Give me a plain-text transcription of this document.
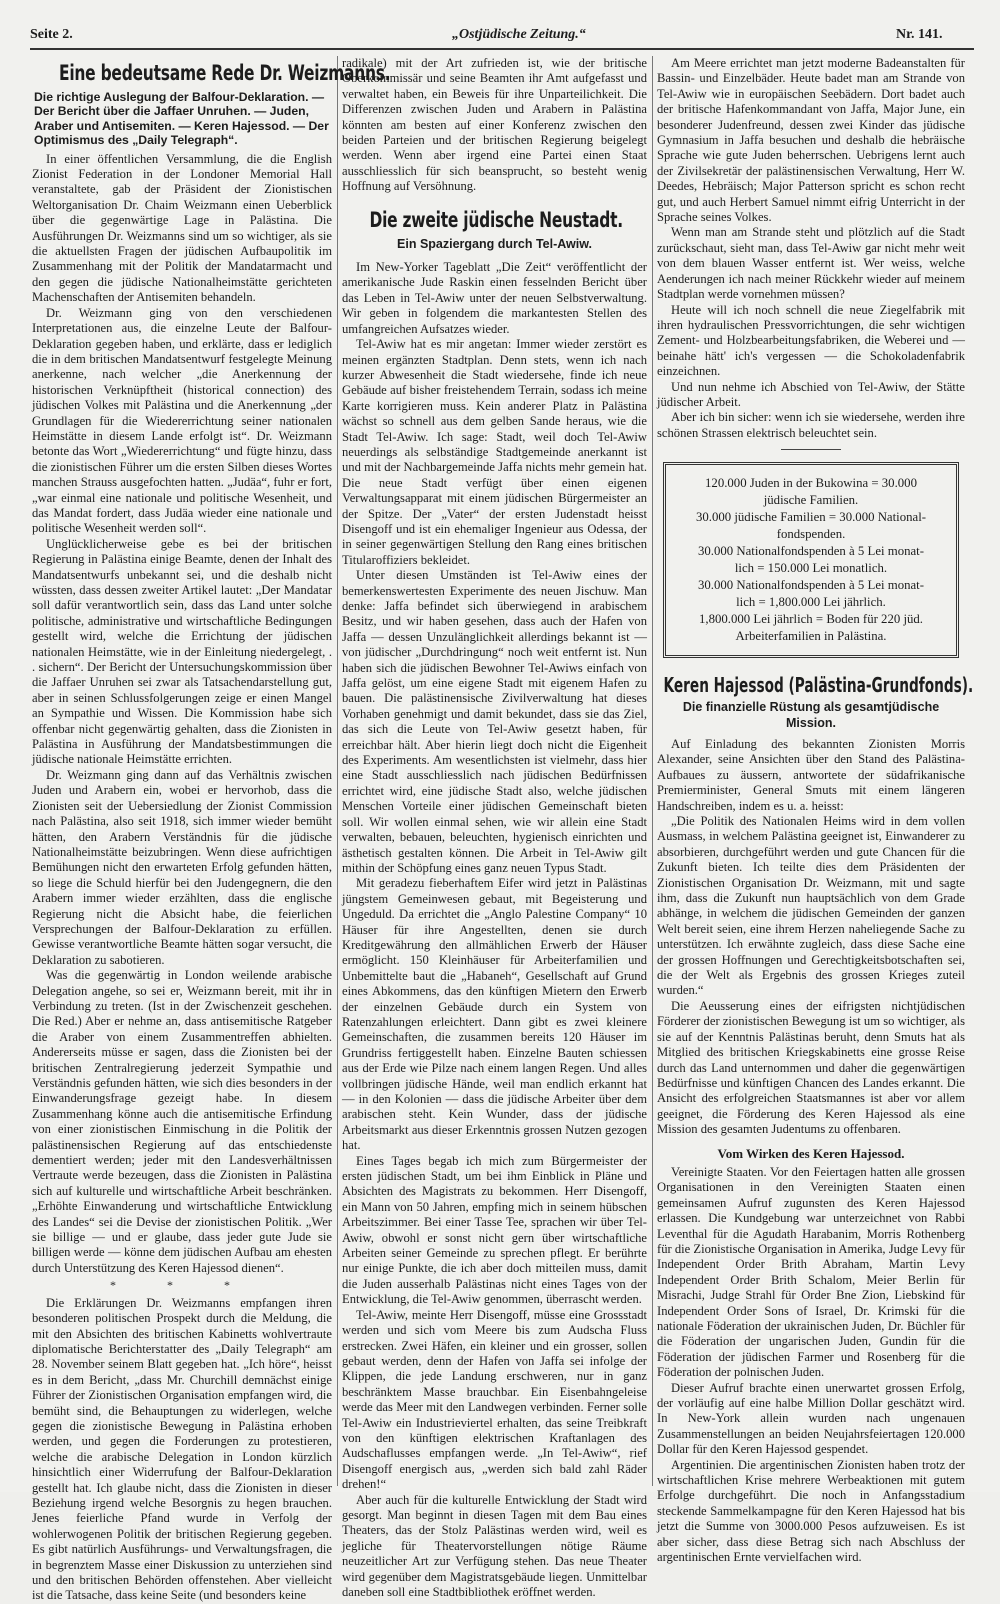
Seite 2.	„Ostjüdische Zeitung.“	Nr. 141.
Eine bedeutsame Rede Dr. Weizmanns.

Die richtige Auslegung der Balfour-Deklaration. — Der Bericht über die Jaffaer Unruhen. — Juden, Araber und Antisemiten. — Keren Hajessod. — Der Optimismus des „Daily Telegraph“.

In einer öffentlichen Versammlung, die die English Zionist Federation in der Londoner Memorial Hall veranstaltete, gab der Präsident der Zionistischen Weltorganisation Dr. Chaim Weizmann einen Ueberblick über die gegenwärtige Lage in Palästina. Die Ausführungen Dr. Weizmanns sind um so wichtiger, als sie die aktuellsten Fragen der jüdischen Aufbaupolitik im Zusammenhang mit der Politik der Mandatarmacht und den gegen die jüdische Nationalheimstätte gerichteten Machenschaften der Antisemiten behandeln.

Dr. Weizmann ging von den verschiedenen Interpretationen aus, die einzelne Leute der Balfour-Deklaration gegeben haben, und erklärte, dass er lediglich die in dem britischen Mandatsentwurf festgelegte Meinung anerkenne, nach welcher „die Anerkennung der historischen Verknüpftheit (historical connection) des jüdischen Volkes mit Palästina und die Anerkennung „der Grundlagen für die Wiedererrichtung seiner nationalen Heimstätte in diesem Lande erfolgt ist“. Dr. Weizmann betonte das Wort „Wiedererrichtung“ und fügte hinzu, dass die zionistischen Führer um die ersten Silben dieses Wortes manchen Strauss ausgefochten hatten. „Judäa“, fuhr er fort, „war einmal eine nationale und politische Wesenheit, und das Mandat fordert, dass Judäa wieder eine nationale und politische Wesenheit werden soll“.

Unglücklicherweise gebe es bei der britischen Regierung in Palästina einige Beamte, denen der Inhalt des Mandatsentwurfs unbekannt sei, und die deshalb nicht wüssten, dass dessen zweiter Artikel lautet: „Der Mandatar soll dafür verantwortlich sein, dass das Land unter solche politische, administrative und wirtschaftliche Bedingungen gestellt wird, welche die Errichtung der jüdischen nationalen Heimstätte, wie in der Einleitung niedergelegt, . . sichern“. Der Bericht der Untersuchungskommission über die Jaffaer Unruhen sei zwar als Tatsachendarstellung gut, aber in seinen Schlussfolgerungen zeige er einen Mangel an Sympathie und Wissen. Die Kommission habe sich offenbar nicht gegenwärtig gehalten, dass die Zionisten in Palästina in Ausführung der Mandatsbestimmungen die jüdische nationale Heimstätte errichten.

Dr. Weizmann ging dann auf das Verhältnis zwischen Juden und Arabern ein, wobei er hervorhob, dass die Zionisten seit der Uebersiedlung der Zionist Commission nach Palästina, also seit 1918, sich immer wieder bemüht hätten, den Arabern Verständnis für die jüdische Nationalheimstätte beizubringen. Wenn diese aufrichtigen Bemühungen nicht den erwarteten Erfolg gefunden hätten, so liege die Schuld hierfür bei den Judengegnern, die den Arabern immer wieder erzählten, dass die englische Regierung nicht die Absicht habe, die feierlichen Versprechungen der Balfour-Deklaration zu erfüllen. Gewisse verantwortliche Beamte hätten sogar versucht, die Deklaration zu sabotieren.

Was die gegenwärtig in London weilende arabische Delegation angehe, so sei er, Weizmann bereit, mit ihr in Verbindung zu treten. (Ist in der Zwischenzeit geschehen. Die Red.) Aber er nehme an, dass antisemitische Ratgeber die Araber von einem Zusammentreffen abhielten. Andererseits müsse er sagen, dass die Zionisten bei der britischen Zentralregierung jederzeit Sympathie und Verständnis gefunden hätten, wie sich dies besonders in der Einwanderungsfrage gezeigt habe. In diesem Zusammenhang könne auch die antisemitische Erfindung von einer zionistischen Einmischung in die Politik der palästinensischen Regierung auf das entschiedenste dementiert werden; jeder mit den Landesverhältnissen Vertraute werde bezeugen, dass die Zionisten in Palästina sich auf kulturelle und wirtschaftliche Arbeit beschränken. „Erhöhte Einwanderung und wirtschaftliche Entwicklung des Landes“ sei die Devise der zionistischen Politik. „Wer sie billige — und er glaube, dass jeder gute Jude sie billigen werde — könne dem jüdischen Aufbau am ehesten durch Unterstützung des Keren Hajessod dienen“.

* * *

Die Erklärungen Dr. Weizmanns empfangen ihren besonderen politischen Prospekt durch die Meldung, die mit den Absichten des britischen Kabinetts wohlvertraute diplomatische Berichterstatter des „Daily Telegraph“ am 28. November seinem Blatt gegeben hat. „Ich höre“, heisst es in dem Bericht, „dass Mr. Churchill demnächst einige Führer der Zionistischen Organisation empfangen wird, die bemüht sind, die Behauptungen zu widerlegen, welche gegen die zionistische Bewegung in Palästina erhoben werden, und gegen die Forderungen zu protestieren, welche die arabische Delegation in London kürzlich hinsichtlich einer Widerrufung der Balfour-Deklaration gestellt hat. Ich glaube nicht, dass die Zionisten in dieser Beziehung irgend welche Besorgnis zu hegen brauchen. Jenes feierliche Pfand wurde in Verfolg der wohlerwogenen Politik der britischen Regierung gegeben. Es gibt natürlich Ausführungs- und Verwaltungsfragen, die in begrenztem Masse einer Diskussion zu unterziehen sind und den britischen Behörden offenstehen. Aber vielleicht ist die Tatsache, dass keine Seite (und besonders keine

radikale) mit der Art zufrieden ist, wie der britische Oberkommissär und seine Beamten ihr Amt aufgefasst und verwaltet haben, ein Beweis für ihre Unparteilichkeit. Die Differenzen zwischen Juden und Arabern in Palästina könnten am besten auf einer Konferenz zwischen den beiden Parteien und der britischen Regierung beigelegt werden. Wenn aber irgend eine Partei einen Staat ausschliesslich für sich beansprucht, so besteht wenig Hoffnung auf Versöhnung.

Die zweite jüdische Neustadt.

Ein Spaziergang durch Tel-Awiw.

Im New-Yorker Tageblatt „Die Zeit“ veröffentlicht der amerikanische Jude Raskin einen fesselnden Bericht über das Leben in Tel-Awiw unter der neuen Selbstverwaltung. Wir geben in folgendem die markantesten Stellen des umfangreichen Aufsatzes wieder.

Tel-Awiw hat es mir angetan: Immer wieder zerstört es meinen ergänzten Stadtplan. Denn stets, wenn ich nach kurzer Abwesenheit die Stadt wiedersehe, finde ich neue Gebäude auf bisher freistehendem Terrain, sodass ich meine Karte korrigieren muss. Kein anderer Platz in Palästina wächst so schnell aus dem gelben Sande heraus, wie die Stadt Tel-Awiw. Ich sage: Stadt, weil doch Tel-Awiw neuerdings als selbständige Stadtgemeinde anerkannt ist und mit der Nachbargemeinde Jaffa nichts mehr gemein hat. Die neue Stadt verfügt über einen eigenen Verwaltungsapparat mit einem jüdischen Bürgermeister an der Spitze. Der „Vater“ der ersten Judenstadt heisst Disengoff und ist ein ehemaliger Ingenieur aus Odessa, der in seiner gegenwärtigen Stellung den Rang eines britischen Titularoffiziers bekleidet.

Unter diesen Umständen ist Tel-Awiw eines der bemerkenswertesten Experimente des neuen Jischuw. Man denke: Jaffa befindet sich überwiegend in arabischem Besitz, und wir haben gesehen, dass auch der Hafen von Jaffa — dessen Unzulänglichkeit allerdings bekannt ist — von jüdischer „Durchdringung“ noch weit entfernt ist. Nun haben sich die jüdischen Bewohner Tel-Awiws einfach von Jaffa gelöst, um eine eigene Stadt mit eigenem Hafen zu bauen. Die palästinensische Zivilverwaltung hat dieses Vorhaben genehmigt und damit bekundet, dass sie das Ziel, das sich die Leute von Tel-Awiw gesetzt haben, für erreichbar hält. Aber hierin liegt doch nicht die Eigenheit des Experiments. Am wesentlichsten ist vielmehr, dass hier eine Stadt ausschliesslich nach jüdischen Bedürfnissen errichtet wird, eine jüdische Stadt also, welche jüdischen Menschen Vorteile einer jüdischen Gemeinschaft bieten soll. Wir wollen einmal sehen, wie wir allein eine Stadt verwalten, bebauen, beleuchten, hygienisch einrichten und ästhetisch gestalten können. Die Arbeit in Tel-Awiw gilt mithin der Schöpfung eines ganz neuen Typus Stadt.

Mit geradezu fieberhaftem Eifer wird jetzt in Palästinas jüngstem Gemeinwesen gebaut, mit Begeisterung und Ungeduld. Da errichtet die „Anglo Palestine Company“ 10 Häuser für ihre Angestellten, denen sie durch Kreditgewährung den allmählichen Erwerb der Häuser ermöglicht. 150 Kleinhäuser für Arbeiterfamilien und Unbemittelte baut die „Habaneh“, Gesellschaft auf Grund eines Abkommens, das den künftigen Mietern den Erwerb der einzelnen Gebäude durch ein System von Ratenzahlungen erleichtert. Dann gibt es zwei kleinere Gemeinschaften, die zusammen bereits 120 Häuser im Grundriss fertiggestellt haben. Einzelne Bauten schiessen aus der Erde wie Pilze nach einem langen Regen. Und alles vollbringen jüdische Hände, weil man endlich erkannt hat — in den Kolonien — dass die jüdische Arbeiter über dem arabischen steht. Kein Wunder, dass der jüdische Arbeitsmarkt aus dieser Erkenntnis grossen Nutzen gezogen hat.

Eines Tages begab ich mich zum Bürgermeister der ersten jüdischen Stadt, um bei ihm Einblick in Pläne und Absichten des Magistrats zu bekommen. Herr Disengoff, ein Mann von 50 Jahren, empfing mich in seinem hübschen Arbeitszimmer. Bei einer Tasse Tee, sprachen wir über Tel-Awiw, obwohl er sonst nicht gern über wirtschaftliche Arbeiten seiner Gemeinde zu sprechen pflegt. Er berührte nur einige Punkte, die ich aber doch mitteilen muss, damit die Juden ausserhalb Palästinas nicht eines Tages von der Entwicklung, die Tel-Awiw genommen, überrascht werden.

Tel-Awiw, meinte Herr Disengoff, müsse eine Grossstadt werden und sich vom Meere bis zum Audscha Fluss erstrecken. Zwei Häfen, ein kleiner und ein grosser, sollen gebaut werden, denn der Hafen von Jaffa sei infolge der Klippen, die jede Landung erschweren, nur in ganz beschränktem Masse brauchbar. Ein Eisenbahngeleise werde das Meer mit den Landwegen verbinden. Ferner solle Tel-Awiw ein Industrieviertel erhalten, das seine Treibkraft von den künftigen elektrischen Kraftanlagen des Audschaflusses empfangen werde. „In Tel-Awiw“, rief Disengoff energisch aus, „werden sich bald zahl Räder drehen!“

Aber auch für die kulturelle Entwicklung der Stadt wird gesorgt. Man beginnt in diesen Tagen mit dem Bau eines Theaters, das der Stolz Palästinas werden wird, weil es jegliche für Theatervorstellungen nötige Räume neuzeitlicher Art zur Verfügung stehen. Das neue Theater wird gegenüber dem Magistratsgebäude liegen. Unmittelbar daneben soll eine Stadtbibliothek eröffnet werden.

Am Meere errichtet man jetzt moderne Badeanstalten für Bassin- und Einzelbäder. Heute badet man am Strande von Tel-Awiw wie in europäischen Seebädern. Dort badet auch der britische Hafenkommandant von Jaffa, Major June, ein besonderer Judenfreund, dessen zwei Kinder das jüdische Gymnasium in Jaffa besuchen und deshalb die hebräische Sprache wie gute Juden beherrschen. Uebrigens lernt auch der Zivilsekretär der palästinensischen Verwaltung, Herr W. Deedes, Hebräisch; Major Patterson spricht es schon recht gut, und auch Herbert Samuel nimmt eifrig Unterricht in der Sprache seines Volkes.

Wenn man am Strande steht und plötzlich auf die Stadt zurückschaut, sieht man, dass Tel-Awiw gar nicht mehr weit von dem blauen Wasser entfernt ist. Wer weiss, welche Aenderungen ich nach meiner Rückkehr wieder auf meinem Stadtplan werde vornehmen müssen?

Heute will ich noch schnell die neue Ziegelfabrik mit ihren hydraulischen Pressvorrichtungen, die sehr wichtigen Zement- und Holzbearbeitungsfabriken, die Weberei und — beinahe hätt' ich's vergessen — die Schokoladenfabrik einzeichnen.

Und nun nehme ich Abschied von Tel-Awiw, der Stätte jüdischer Arbeit.

Aber ich bin sicher: wenn ich sie wiedersehe, werden ihre schönen Strassen elektrisch beleuchtet sein.

120.000 Juden in der Bukowina = 30.000

jüdische Familien.

30.000 jüdische Familien = 30.000 National-

fondspenden.

30.000 Nationalfondspenden à 5 Lei monat-

lich = 150.000 Lei monatlich.

30.000 Nationalfondspenden à 5 Lei monat-

lich = 1,800.000 Lei jährlich.

1,800.000 Lei jährlich = Boden für 220 jüd.

Arbeiterfamilien in Palästina.

Keren Hajessod (Palästina-Grundfonds).

Die finanzielle Rüstung als gesamtjüdische Mission.

Auf Einladung des bekannten Zionisten Morris Alexander, seine Ansichten über den Stand des Palästina-Aufbaues zu äussern, antwortete der südafrikanische Premierminister, General Smuts mit einem längeren Handschreiben, indem es u. a. heisst:

„Die Politik des Nationalen Heims wird in dem vollen Ausmass, in welchem Palästina geeignet ist, Einwanderer zu absorbieren, durchgeführt werden und gute Chancen für die Zukunft bieten. Ich teilte dies dem Präsidenten der Zionistischen Organisation Dr. Weizmann, mit und sagte ihm, dass die Zukunft nun hauptsächlich von dem Grade abhänge, in welchem die jüdischen Gemeinden der ganzen Welt bereit seien, eine ihrem Herzen naheliegende Sache zu unterstützen. Ich erwähnte zugleich, dass diese Sache eine der grossen Hoffnungen und Gerechtigkeitsbotschaften sei, die der Welt als Ergebnis des grossen Krieges zuteil wurden.“

Die Aeusserung eines der eifrigsten nichtjüdischen Förderer der zionistischen Bewegung ist um so wichtiger, als sie auf der Kenntnis Palästinas beruht, denn Smuts hat als Mitglied des britischen Kriegskabinetts eine grosse Reise durch das Land unternommen und daher die gegenwärtigen Bedürfnisse und künftigen Chancen des Landes erkannt. Die Ansicht des erfolgreichen Staatsmannes ist aber vor allem geeignet, die Förderung des Keren Hajessod als eine Mission des gesamten Judentums zu offenbaren.

Vom Wirken des Keren Hajessod.

Vereinigte Staaten. Vor den Feiertagen hatten alle grossen Organisationen in den Vereinigten Staaten einen gemeinsamen Aufruf zugunsten des Keren Hajessod erlassen. Die Kundgebung war unterzeichnet von Rabbi Leventhal für die Agudath Harabanim, Morris Rothenberg für die Zionistische Organisation in Amerika, Judge Levy für Independent Order Brith Abraham, Martin Levy Independent Order Brith Schalom, Meier Berlin für Misrachi, Judge Strahl für Order Bne Zion, Liebskind für Independent Order Sons of Israel, Dr. Krimski für die nationale Föderation der ukrainischen Juden, Dr. Büchler für die Föderation der ungarischen Juden, Gundin für die Föderation der jüdischen Farmer und Rosenberg für die Föderation der polnischen Juden.

Dieser Aufruf brachte einen unerwartet grossen Erfolg, der vorläufig auf eine halbe Million Dollar geschätzt wird. In New-York allein wurden nach ungenauen Zusammenstellungen an beiden Neujahrsfeiertagen 120.000 Dollar für den Keren Hajessod gespendet.

Argentinien. Die argentinischen Zionisten haben trotz der wirtschaftlichen Krise mehrere Werbeaktionen mit gutem Erfolge durchgeführt. Die noch in Anfangsstadium steckende Sammelkampagne für den Keren Hajessod hat bis jetzt die Summe von 3000.000 Pesos aufzuweisen. Es ist aber sicher, dass diese Betrag sich nach Abschluss der argentinischen Ernte vervielfachen wird.
